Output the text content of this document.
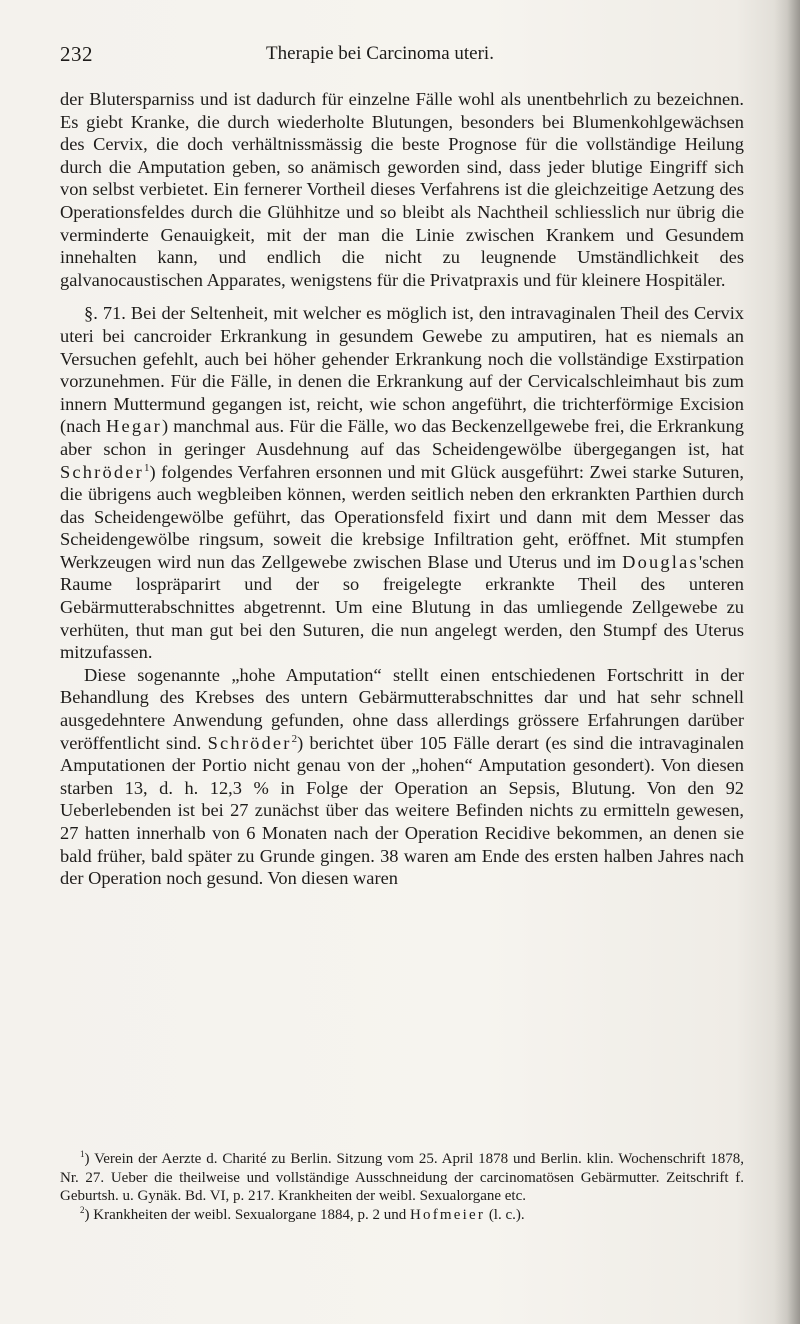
232	Therapie bei Carcinoma uteri.

der Blutersparniss und ist dadurch für einzelne Fälle wohl als unentbehrlich zu bezeichnen. Es giebt Kranke, die durch wiederholte Blutungen, besonders bei Blumenkohlgewächsen des Cervix, die doch verhältnissmässig die beste Prognose für die vollständige Heilung durch die Amputation geben, so anämisch geworden sind, dass jeder blutige Eingriff sich von selbst verbietet. Ein fernerer Vortheil dieses Verfahrens ist die gleichzeitige Aetzung des Operationsfeldes durch die Glühhitze und so bleibt als Nachtheil schliesslich nur übrig die verminderte Genauigkeit, mit der man die Linie zwischen Krankem und Gesundem innehalten kann, und endlich die nicht zu leugnende Umständlichkeit des galvanocaustischen Apparates, wenigstens für die Privatpraxis und für kleinere Hospitäler.

§. 71. Bei der Seltenheit, mit welcher es möglich ist, den intravaginalen Theil des Cervix uteri bei cancroider Erkrankung in gesundem Gewebe zu amputiren, hat es niemals an Versuchen gefehlt, auch bei höher gehender Erkrankung noch die vollständige Exstirpation vorzunehmen. Für die Fälle, in denen die Erkrankung auf der Cervicalschleimhaut bis zum innern Muttermund gegangen ist, reicht, wie schon angeführt, die trichterförmige Excision (nach Hegar) manchmal aus. Für die Fälle, wo das Beckenzellgewebe frei, die Erkrankung aber schon in geringer Ausdehnung auf das Scheidengewölbe übergegangen ist, hat Schröder$^1$) folgendes Verfahren ersonnen und mit Glück ausgeführt: Zwei starke Suturen, die übrigens auch wegbleiben können, werden seitlich neben den erkrankten Parthien durch das Scheidengewölbe geführt, das Operationsfeld fixirt und dann mit dem Messer das Scheidengewölbe ringsum, soweit die krebsige Infiltration geht, eröffnet. Mit stumpfen Werkzeugen wird nun das Zellgewebe zwischen Blase und Uterus und im Douglas'schen Raume lospräparirt und der so freigelegte erkrankte Theil des unteren Gebärmutterabschnittes abgetrennt. Um eine Blutung in das umliegende Zellgewebe zu verhüten, thut man gut bei den Suturen, die nun angelegt werden, den Stumpf des Uterus mitzufassen.

Diese sogenannte „hohe Amputation“ stellt einen entschiedenen Fortschritt in der Behandlung des Krebses des untern Gebärmutterabschnittes dar und hat sehr schnell ausgedehntere Anwendung gefunden, ohne dass allerdings grössere Erfahrungen darüber veröffentlicht sind. Schröder$^2$) berichtet über 105 Fälle derart (es sind die intravaginalen Amputationen der Portio nicht genau von der „hohen“ Amputation gesondert). Von diesen starben 13, d. h. 12,3 % in Folge der Operation an Sepsis, Blutung. Von den 92 Ueberlebenden ist bei 27 zunächst über das weitere Befinden nichts zu ermitteln gewesen, 27 hatten innerhalb von 6 Monaten nach der Operation Recidive bekommen, an denen sie bald früher, bald später zu Grunde gingen. 38 waren am Ende des ersten halben Jahres nach der Operation noch gesund. Von diesen waren

$^1$) Verein der Aerzte d. Charité zu Berlin. Sitzung vom 25. April 1878 und Berlin. klin. Wochenschrift 1878, Nr. 27. Ueber die theilweise und vollständige Ausschneidung der carcinomatösen Gebärmutter. Zeitschrift f. Geburtsh. u. Gynäk. Bd. VI, p. 217. Krankheiten der weibl. Sexualorgane etc.

$^2$) Krankheiten der weibl. Sexualorgane 1884, p. 2 und Hofmeier (l. c.).
